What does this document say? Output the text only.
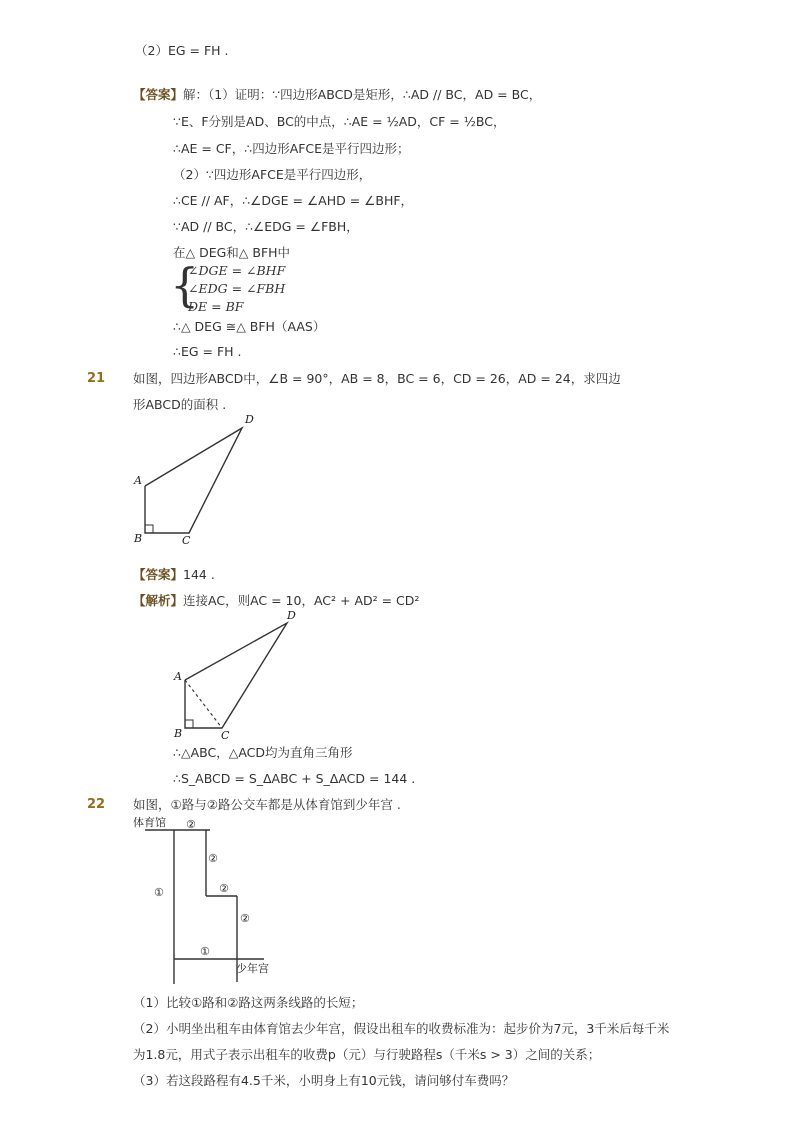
（2）EG = FH .
【答案】解：（1）证明：∵四边形ABCD是矩形，∴AD // BC，AD = BC，
∵E、F分别是AD、BC的中点，∴AE = ½AD，CF = ½BC，
∴AE = CF，∴四边形AFCE是平行四边形；
（2）∵四边形AFCE是平行四边形，
∴CE // AF，∴∠DGE = ∠AHD = ∠BHF，
∵AD // BC，∴∠EDG = ∠FBH，
在△ DEG和△ BFH中
{
∠DGE = ∠BHF
∠EDG = ∠FBH
DE = BF
∴△ DEG ≅△ BFH（AAS）
∴EG = FH .
21 如图，四边形ABCD中，∠B = 90°，AB = 8，BC = 6，CD = 26，AD = 24，求四边
形ABCD的面积 .
A
B	C
D
【答案】144 .
【解析】连接AC，则AC = 10，AC² + AD² = CD²
A
B	C
D
∴△ABC，△ACD均为直角三角形
∴S_ABCD = S_ΔABC + S_ΔACD = 144 .
22 如图，①路与②路公交车都是从体育馆到少年宫 .
体育馆 ②
②
②
②
①
①
少年宫
（1）比较①路和②路这两条线路的长短；
（2）小明坐出租车由体育馆去少年宫，假设出租车的收费标准为：起步价为7元，3千米后每千米
为1.8元，用式子表示出租车的收费p（元）与行驶路程s（千米s > 3）之间的关系；
（3）若这段路程有4.5千米，小明身上有10元钱，请问够付车费吗？
